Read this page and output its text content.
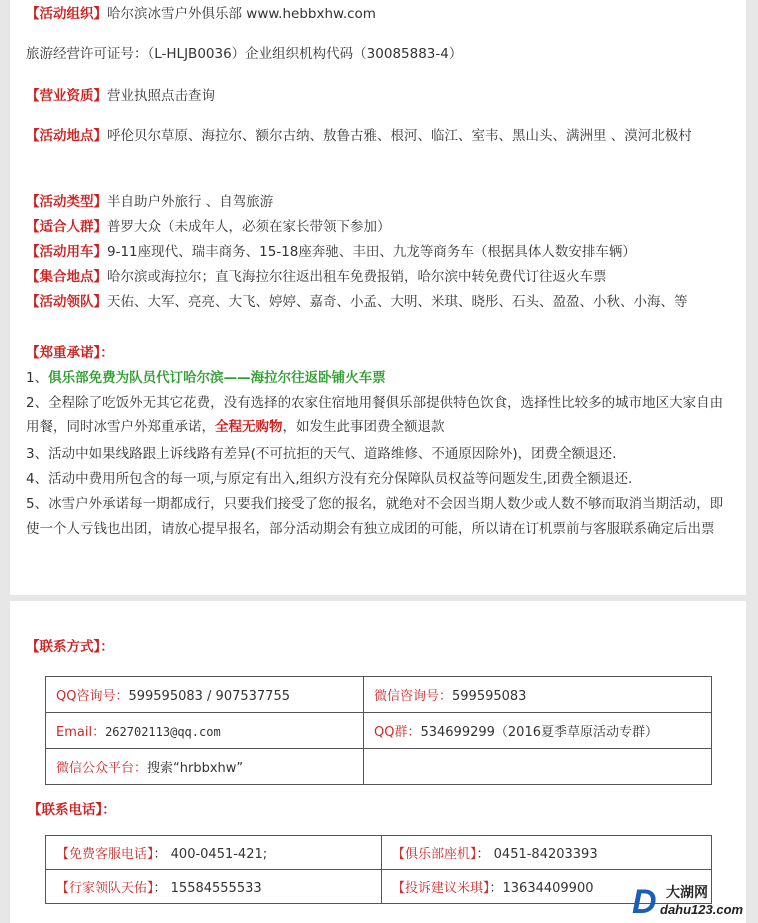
【活动组织】哈尔滨冰雪户外俱乐部 www.hebbxhw.com
旅游经营许可证号：（L-HLJB0036）企业组织机构代码（30085883-4）
【营业资质】营业执照点击查询
【活动地点】呼伦贝尔草原、海拉尔、额尔古纳、敖鲁古雅、根河、临江、室韦、黑山头、满洲里 、漠河北极村
【活动类型】半自助户外旅行 、自驾旅游
【适合人群】普罗大众（未成年人，必须在家长带领下参加）
【活动用车】9-11座现代、瑞丰商务、15-18座奔驰、丰田、九龙等商务车（根据具体人数安排车辆）
【集合地点】哈尔滨或海拉尔；直飞海拉尔往返出租车免费报销，哈尔滨中转免费代订往返火车票
【活动领队】天佑、大军、亮亮、大飞、婷婷、嘉奇、小孟、大明、米琪、晓彤、石头、盈盈、小秋、小海、等
【郑重承诺】：
1、俱乐部免费为队员代订哈尔滨——海拉尔往返卧铺火车票
2、全程除了吃饭外无其它花费，没有选择的农家住宿地用餐俱乐部提供特色饮食，选择性比较多的城市地区大家自由用餐，同时冰雪户外郑重承诺，全程无购物，如发生此事团费全额退款
3、活动中如果线路跟上诉线路有差异(不可抗拒的天气、道路维修、不通原因除外)，团费全额退还.
4、活动中费用所包含的每一项,与原定有出入,组织方没有充分保障队员权益等问题发生,团费全额退还.
5、冰雪户外承诺每一期都成行，只要我们接受了您的报名，就绝对不会因当期人数少或人数不够而取消当期活动，即使一个人亏钱也出团，请放心提早报名，部分活动期会有独立成团的可能，所以请在订机票前与客服联系确定后出票
【联系方式】：
QQ咨询号：599595083 / 907537755	微信咨询号：599595083
Email：262702113@qq.com	QQ群：534699299（2016夏季草原活动专群）
微信公众平台：搜索“hrbbxhw”	
【联系电话】：
【免费客服电话】： 400-0451-421;	【俱乐部座机】： 0451-84203393
【行家领队天佑】： 15584555533	【投诉建议米琪】：13634409900 D 大湖网
dahu123.com
